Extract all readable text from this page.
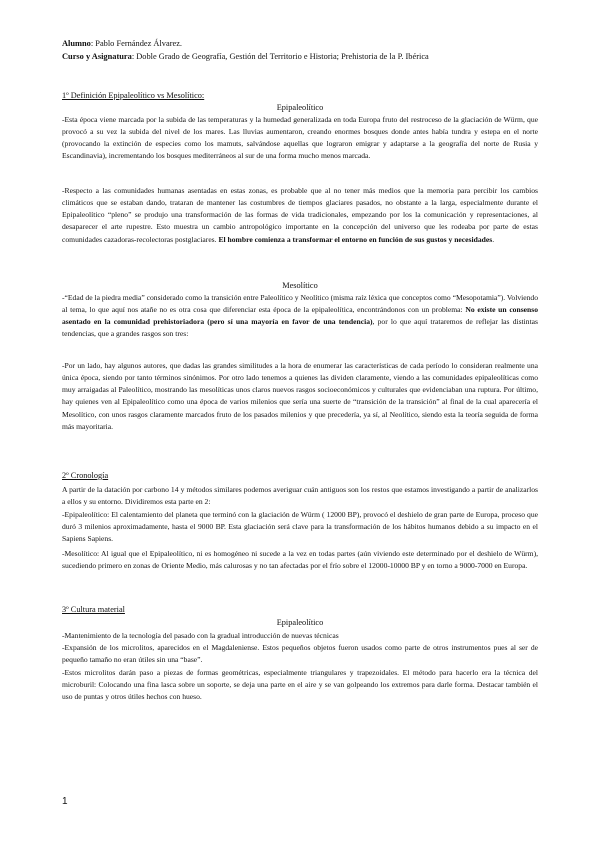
Alumno: Pablo Fernández Álvarez.
Curso y Asignatura: Doble Grado de Geografía, Gestión del Territorio e Historia; Prehistoria de la P. Ibérica
1º Definición Epipaleolítico vs Mesolítico:
Epipaleolítico
-Esta época viene marcada por la subida de las temperaturas y la humedad generalizada en toda Europa fruto del restroceso de la glaciación de Würm, que provocó a su vez la subida del nivel de los mares. Las lluvias aumentaron, creando enormes bosques donde antes había tundra y estepa en el norte (provocando la extinción de especies como los mamuts, salvándose aquellas que lograron emigrar y adaptarse a la geografía del norte de Rusia y Escandinavia), incrementando los bosques mediterráneos al sur de una forma mucho menos marcada.
-Respecto a las comunidades humanas asentadas en estas zonas, es probable que al no tener más medios que la memoria para percibir los cambios climáticos que se estaban dando, trataran de mantener las costumbres de tiempos glaciares pasados, no obstante a la larga, especialmente durante el Epipaleolítico “pleno” se produjo una transformación de las formas de vida tradicionales, empezando por los la comunicación y representaciones, al desaparecer el arte rupestre. Esto muestra un cambio antropológico importante en la concepción del universo que les rodeaba por parte de estas comunidades cazadoras-recolectoras postglaciares. El hombre comienza a transformar el entorno en función de sus gustos y necesidades.
Mesolítico
-“Edad de la piedra media” considerado como la transición entre Paleolítico y Neolítico (misma raíz léxica que conceptos como “Mesopotamia”). Volviendo al tema, lo que aquí nos atañe no es otra cosa que diferenciar esta época de la epipaleolítica, encontrándonos con un problema: No existe un consenso asentado en la comunidad prehistoriadora (pero sí una mayoría en favor de una tendencia), por lo que aquí trataremos de reflejar las distintas tendencias, que a grandes rasgos son tres:
-Por un lado, hay algunos autores, que dadas las grandes similitudes a la hora de enumerar las características de cada período lo consideran realmente una única época, siendo por tanto términos sinónimos. Por otro lado tenemos a quienes las dividen claramente, viendo a las comunidades epipaleolíticas como muy arraigadas al Paleolítico, mostrando las mesolíticas unos claros nuevos rasgos socioeconómicos y culturales que evidenciaban una ruptura. Por último, hay quienes ven al Epipaleolítico como una época de varios milenios que sería una suerte de “transición de la transición” al final de la cual aparecería el Mesolítico, con unos rasgos claramente marcados fruto de los pasados milenios y que precedería, ya sí, al Neolítico, siendo esta la teoría seguida de forma más mayoritaria.
2º Cronología
A partir de la datación por carbono 14 y métodos similares podemos averiguar cuán antiguos son los restos que estamos investigando a partir de analizarlos a ellos y su entorno. Dividiremos esta parte en 2:
-Epipaleolítico: El calentamiento del planeta que terminó con la glaciación de Würm ( 12000 BP), provocó el deshielo de gran parte de Europa, proceso que duró 3 milenios aproximadamente, hasta el 9000 BP. Esta glaciación será clave para la transformación de los hábitos humanos debido a su impacto en el Sapiens Sapiens.
-Mesolítico: Al igual que el Epipaleolítico, ni es homogéneo ni sucede a la vez en todas partes (aún viviendo este determinado por el deshielo de Würm), sucediendo primero en zonas de Oriente Medio, más calurosas y no tan afectadas por el frío sobre el 12000-10000 BP y en torno a 9000-7000 en Europa.
3º Cultura material
Epipaleolítico
-Mantenimiento de la tecnología del pasado con la gradual introducción de nuevas técnicas
-Expansión de los microlitos, aparecidos en el Magdaleniense. Estos pequeños objetos fueron usados como parte de otros instrumentos pues al ser de pequeño tamaño no eran útiles sin una “base”.
-Estos microlitos darán paso a piezas de formas geométricas, especialmente triangulares y trapezoidales. El método para hacerlo era la técnica del microburil: Colocando una fina lasca sobre un soporte, se deja una parte en el aire y se van golpeando los extremos para darle forma. Destacar también el uso de puntas y otros útiles hechos con hueso.
1
